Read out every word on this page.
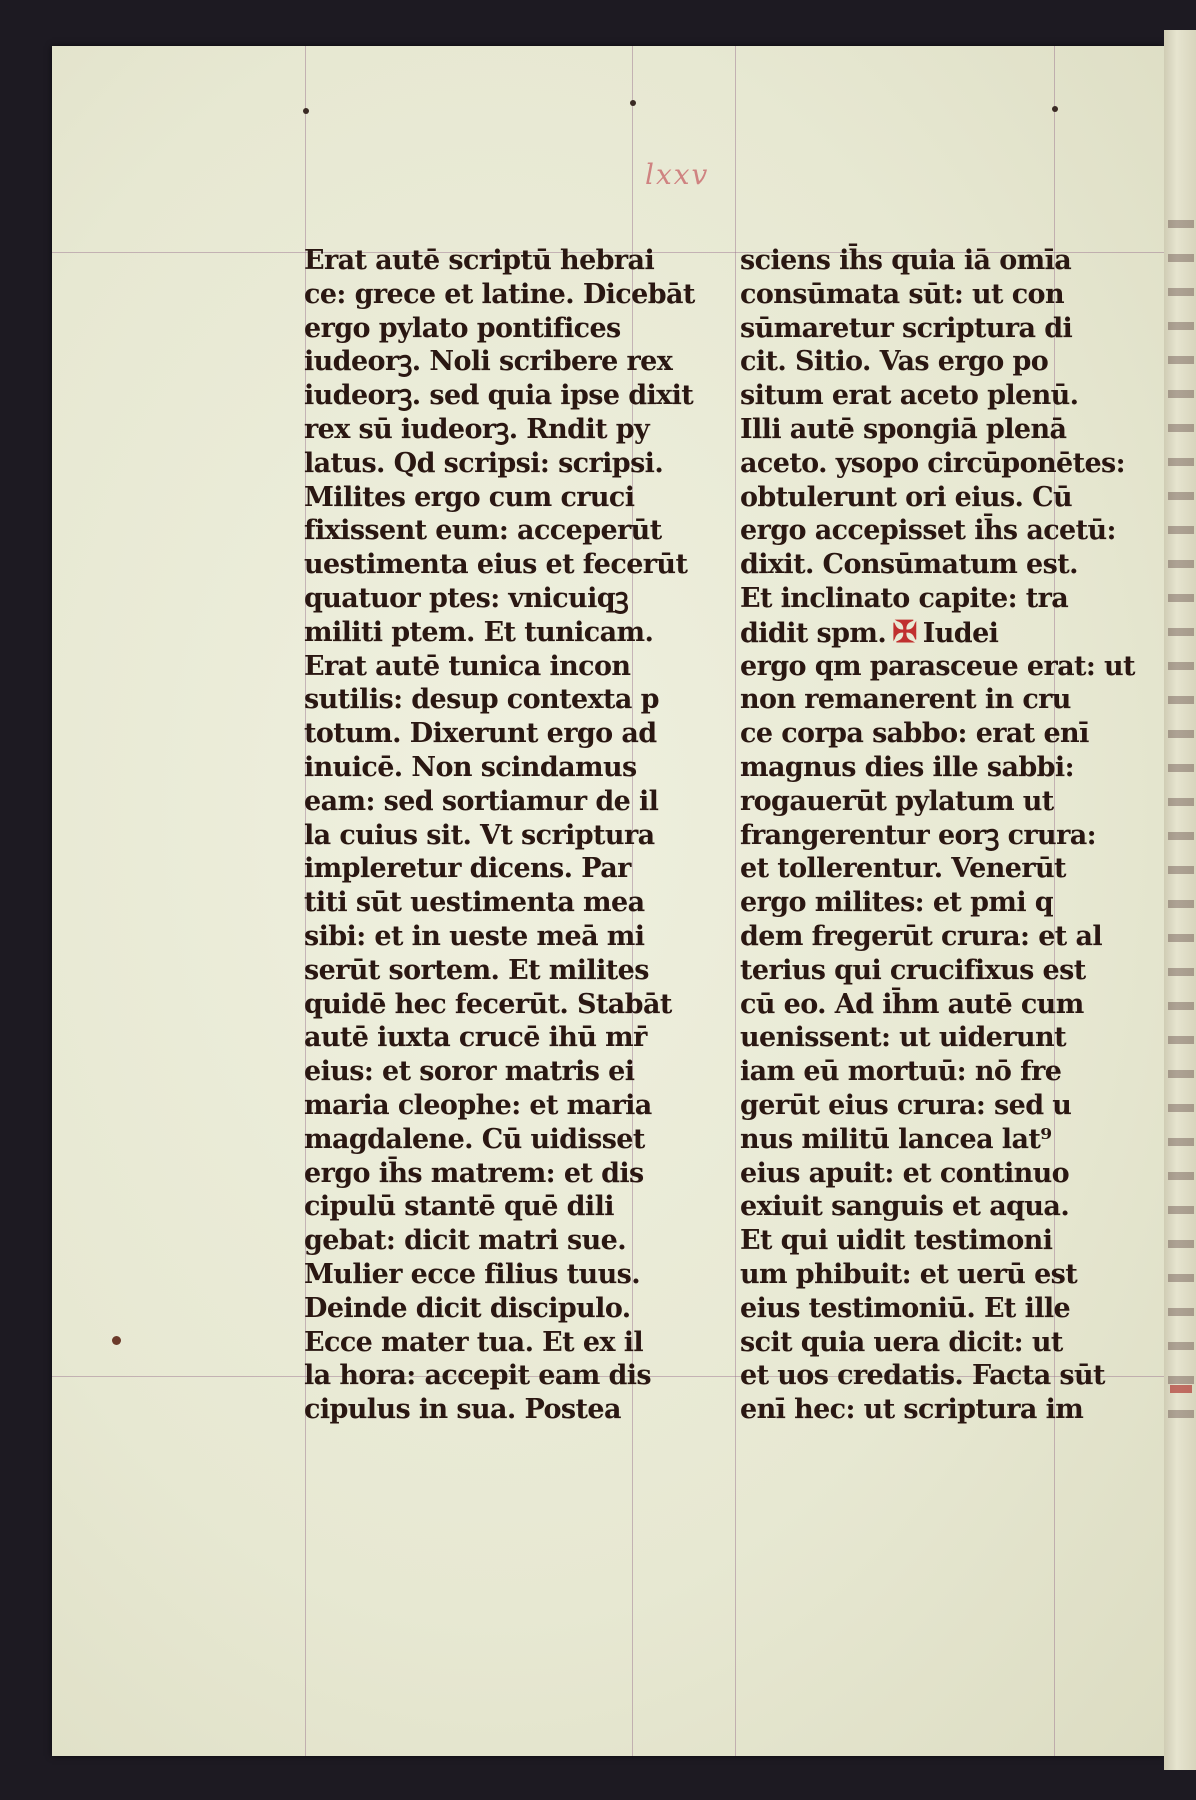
lxxv
Erat autē scriptū hebrai
ce: grece et latine. Dicebāt
ergo pylato pontifices
iudeorꝫ. Noli scribere rex
iudeorꝫ. sed quia ipse dixit
rex sū iudeorꝫ. Rndit py
latus. Qd scripsi: scripsi.
Milites ergo cum cruci
fixissent eum: acceperūt
uestimenta eius et fecerūt
quatuor ptes: vnicuiqꝫ
militi ptem. Et tunicam.
Erat autē tunica incon
sutilis: desup contexta p
totum. Dixerunt ergo ad
inuicē. Non scindamus
eam: sed sortiamur de il
la cuius sit. Vt scriptura
impleretur dicens. Par
titi sūt uestimenta mea
sibi: et in ueste meā mi
serūt sortem. Et milites
quidē hec fecerūt. Stabāt
autē iuxta crucē ihū mr̄
eius: et soror matris ei
maria cleophe: et maria
magdalene. Cū uidisset
ergo ih̄s matrem: et dis
cipulū stantē quē dili
gebat: dicit matri sue.
Mulier ecce filius tuus.
Deinde dicit discipulo.
Ecce mater tua. Et ex il
la hora: accepit eam dis
cipulus in sua. Postea
sciens ih̄s quia iā omīa
consūmata sūt: ut con
sūmaretur scriptura di
cit. Sitio. Vas ergo po
situm erat aceto plenū.
Illi autē spongiā plenā
aceto. ysopo circūponētes:
obtulerunt ori eius. Cū
ergo accepisset ih̄s acetū:
dixit. Consūmatum est.
Et inclinato capite: tra
didit spm. ✠ Iudei
ergo qm parasceue erat: ut
non remanerent in cru
ce corpa sabbo: erat enī
magnus dies ille sabbi:
rogauerūt pylatum ut
frangerentur eorꝫ crura:
et tollerentur. Venerūt
ergo milites: et pmi q
dem fregerūt crura: et al
terius qui crucifixus est
cū eo. Ad ih̄m autē cum
uenissent: ut uiderunt
iam eū mortuū: nō fre
gerūt eius crura: sed u
nus militū lancea lat⁹
eius apuit: et continuo
exiuit sanguis et aqua.
Et qui uidit testimoni
um phibuit: et uerū est
eius testimoniū. Et ille
scit quia uera dicit: ut
et uos credatis. Facta sūt
enī hec: ut scriptura im
